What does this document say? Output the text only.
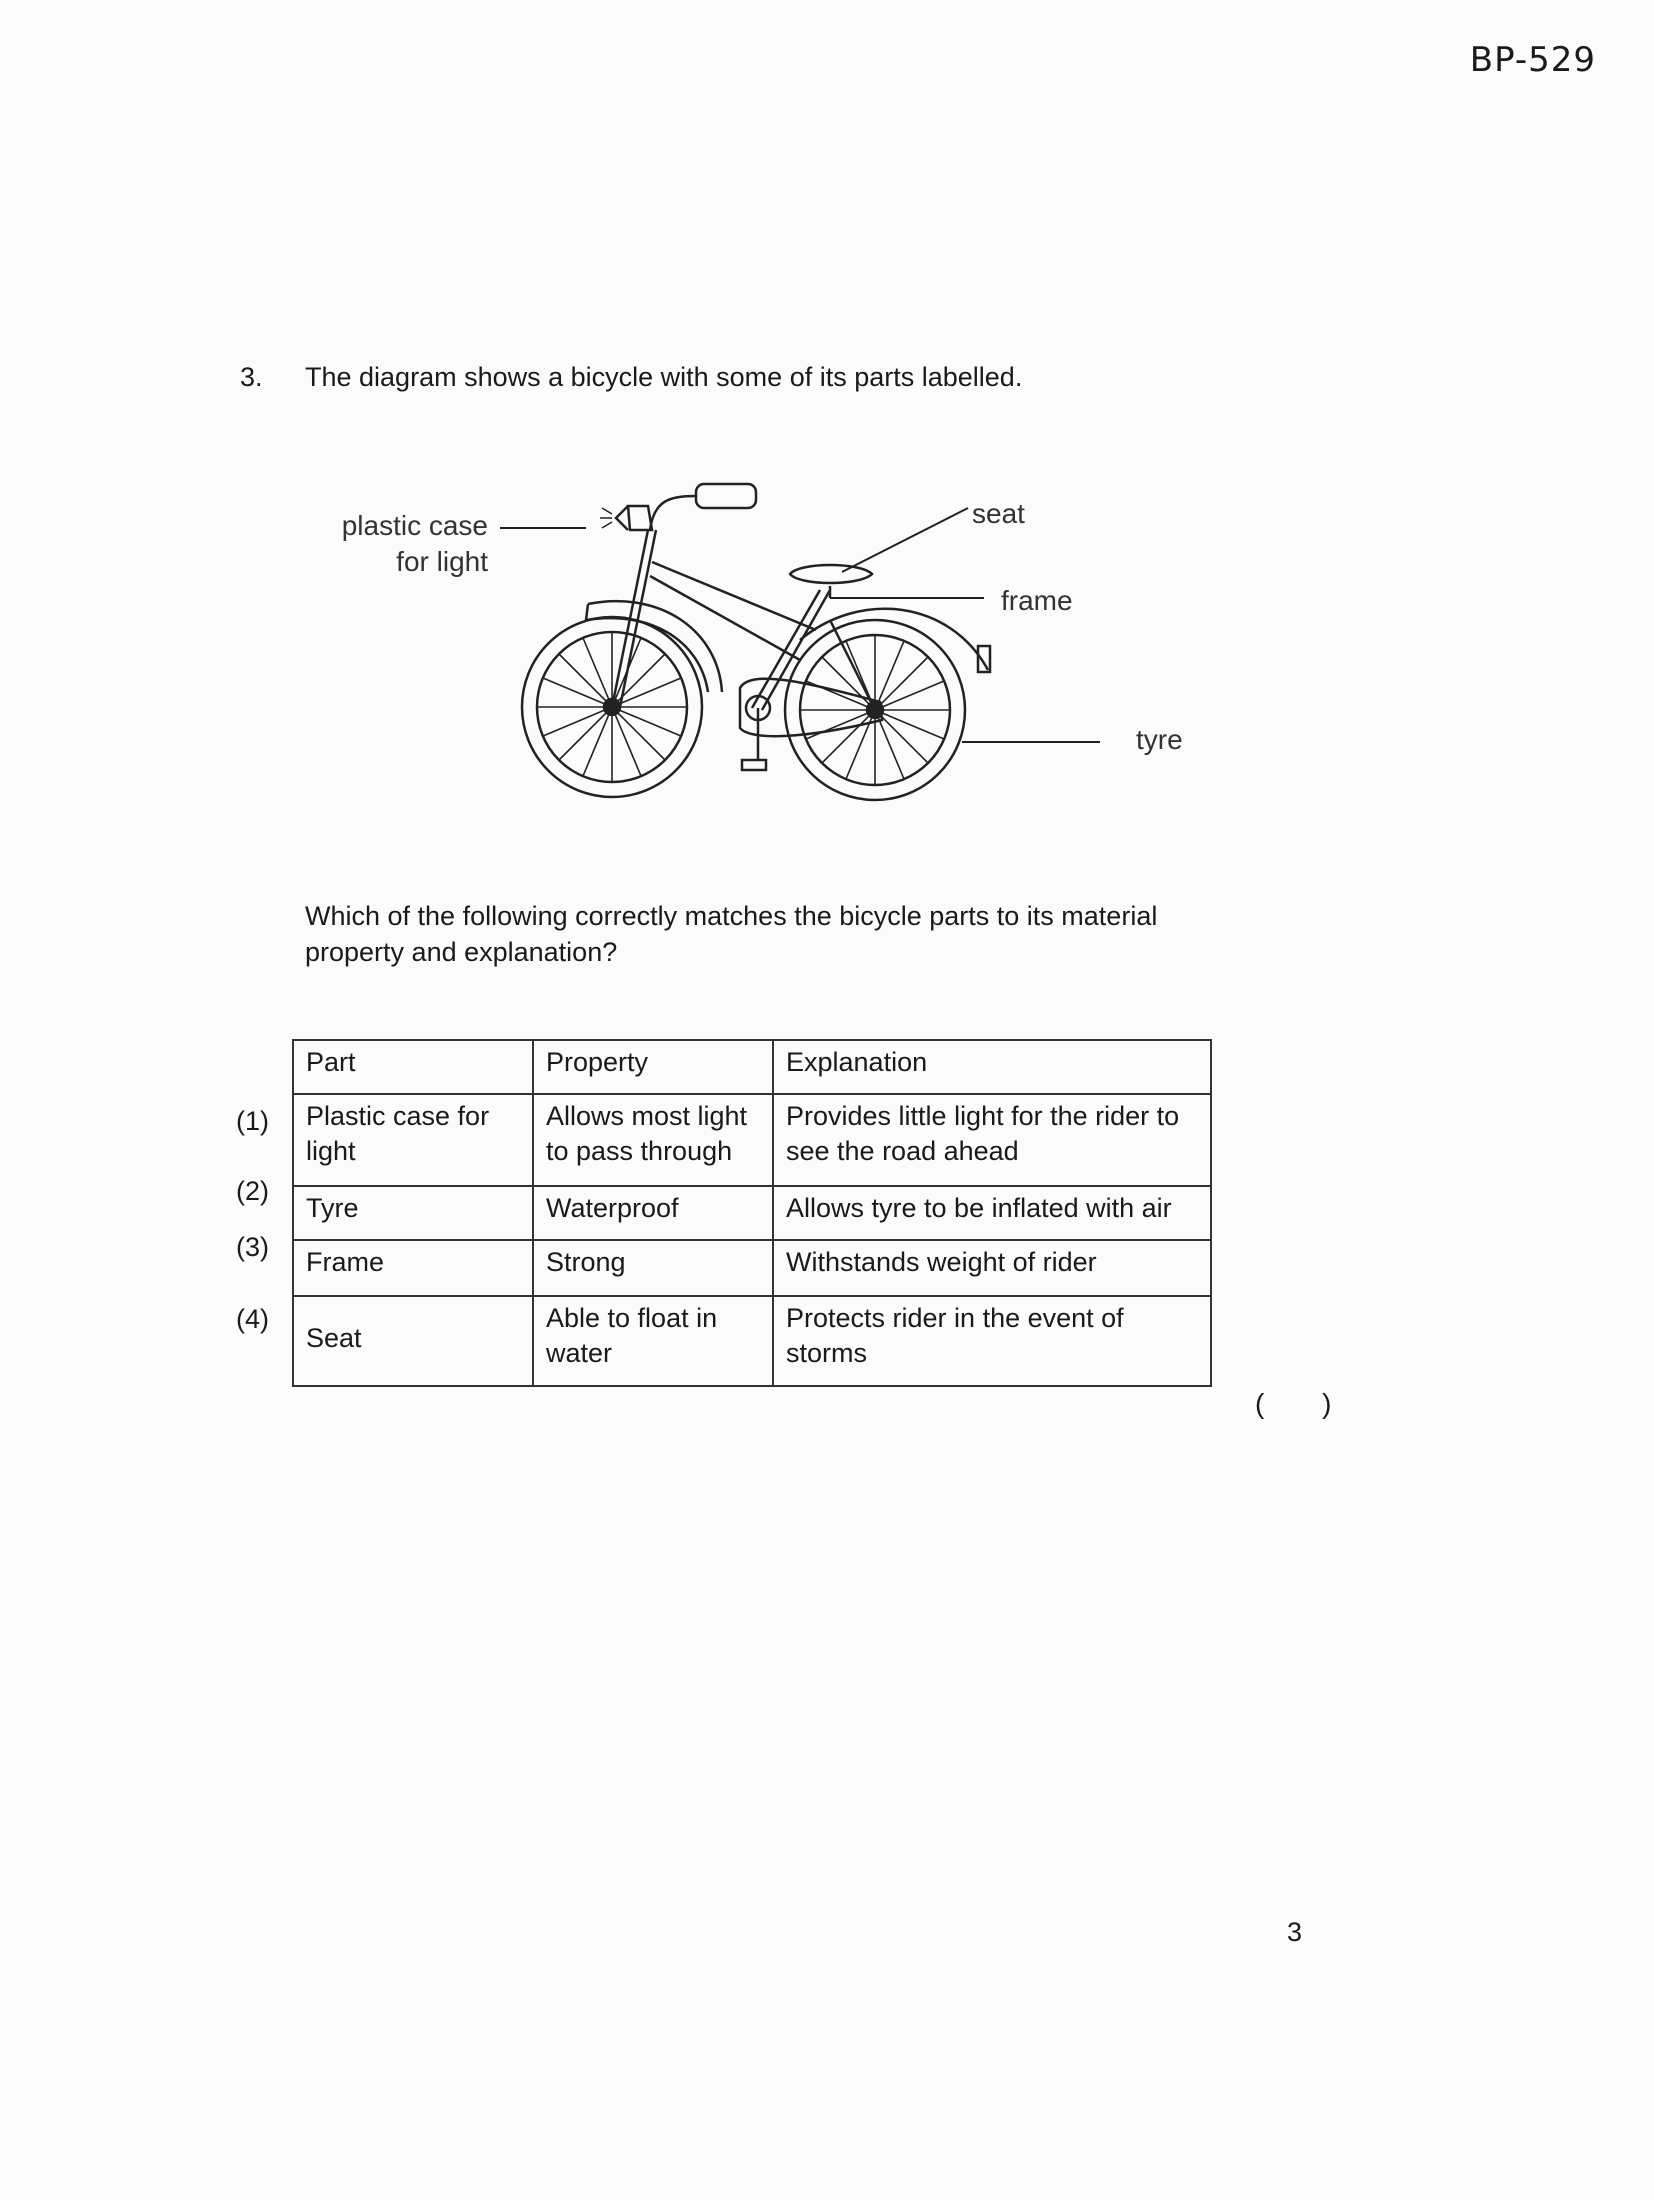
BP-529
3. The diagram shows a bicycle with some of its parts labelled.
plastic case
for light
seat
frame
tyre
Which of the following correctly matches the bicycle parts to its material property and explanation?
(1)
(2)
(3)
(4)
Part	Property	Explanation
Plastic case for light	Allows most light to pass through	Provides little light for the rider to see the road ahead
Tyre	Waterproof	Allows tyre to be inflated with air
Frame	Strong	Withstands weight of rider
Seat	Able to float in water	Protects rider in the event of storms
( )
3
